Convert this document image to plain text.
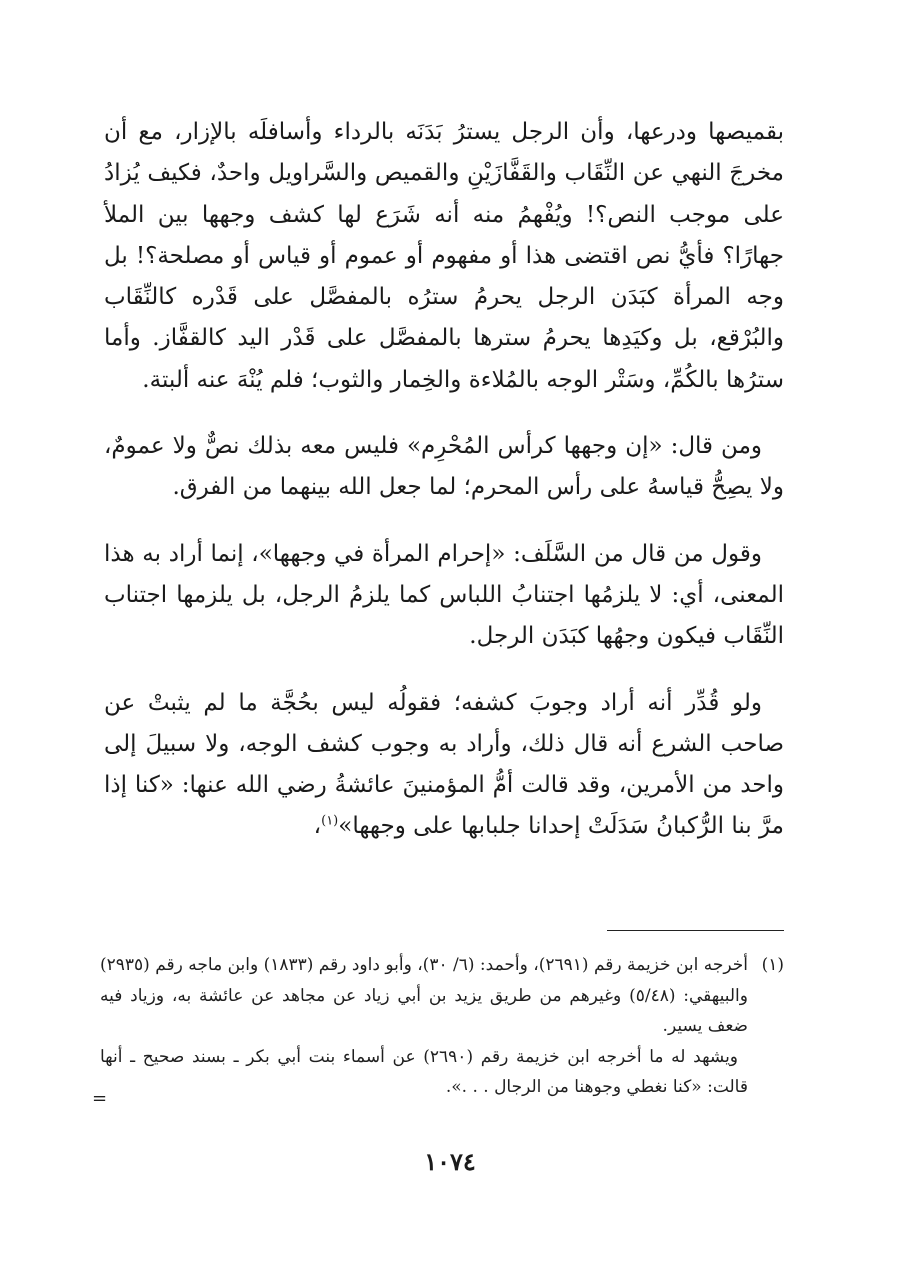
بقميصها ودرعها، وأن الرجل يسترُ بَدَنَه بالرداء وأسافلَه بالإزار، مع أن مخرجَ النهي عن النِّقَاب والقَفَّازَيْنِ والقميص والسَّراويل واحدٌ، فكيف يُزادُ على موجب النص؟! ويُفْهمُ منه أنه شَرَع لها كشف وجهها بين الملأ جهارًا؟ فأيُّ نص اقتضى هذا أو مفهوم أو عموم أو قياس أو مصلحة؟! بل وجه المرأة كبَدَن الرجل يحرمُ سترُه بالمفصَّل على قَدْره كالنِّقَاب والبُرْقع، بل وكيَدِها يحرمُ سترها بالمفصَّل على قَدْر اليد كالقفَّاز. وأما سترُها بالكُمِّ، وسَتْر الوجه بالمُلاءة والخِمار والثوب؛ فلم يُنْهَ عنه ألبتة.

ومن قال: «إن وجهها كرأس المُحْرِم» فليس معه بذلك نصٌّ ولا عمومٌ، ولا يصِحُّ قياسهُ على رأس المحرم؛ لما جعل الله بينهما من الفرق.

وقول من قال من السَّلَف: «إحرام المرأة في وجهها»، إنما أراد به هذا المعنى، أي: لا يلزمُها اجتنابُ اللباس كما يلزمُ الرجل، بل يلزمها اجتناب النِّقَاب فيكون وجهُها كبَدَن الرجل.

ولو قُدِّر أنه أراد وجوبَ كشفه؛ فقولُه ليس بحُجَّة ما لم يثبتْ عن صاحب الشرع أنه قال ذلك، وأراد به وجوب كشف الوجه، ولا سبيلَ إلى واحد من الأمرين، وقد قالت أمُّ المؤمنينَ عائشةُ رضي الله عنها: «كنا إذا مرَّ بنا الرُّكبانُ سَدَلَتْ إحدانا جلبابها على وجهها»$^{(١)}$،

(١)
أخرجه ابن خزيمة رقم (٢٦٩١)، وأحمد: (٦/ ٣٠)، وأبو داود رقم (١٨٣٣) وابن ماجه رقم (٢٩٣٥) والبيهقي: (٥/٤٨) وغيرهم من طريق يزيد بن أبي زياد عن مجاهد عن عائشة به، وزياد فيه ضعف يسير.

ويشهد له ما أخرجه ابن خزيمة رقم (٢٦٩٠) عن أسماء بنت أبي بكر ـ بسند صحيح ـ أنها قالت: «كنا نغطي وجوهنا من الرجال . . .».

=
١٠٧٤
